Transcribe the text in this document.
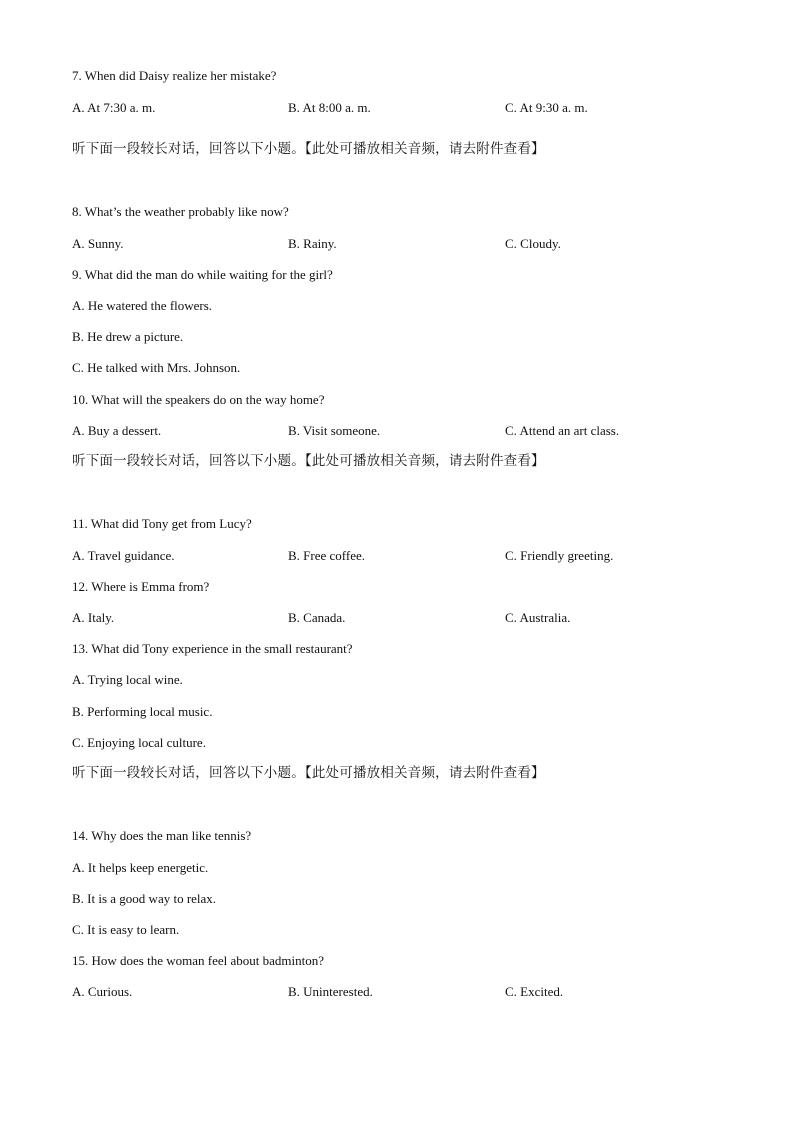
7. When did Daisy realize her mistake?
A. At 7:30 a. m.	B. At 8:00 a. m.	C. At 9:30 a. m.
听下面一段较长对话，回答以下小题。【此处可播放相关音频，请去附件查看】
8. What’s the weather probably like now?
A. Sunny.	B. Rainy.	C. Cloudy.
9. What did the man do while waiting for the girl?
A. He watered the flowers.
B. He drew a picture.
C. He talked with Mrs. Johnson.
10. What will the speakers do on the way home?
A. Buy a dessert.	B. Visit someone.	C. Attend an art class.
听下面一段较长对话，回答以下小题。【此处可播放相关音频，请去附件查看】
11. What did Tony get from Lucy?
A. Travel guidance.	B. Free coffee.	C. Friendly greeting.
12. Where is Emma from?
A. Italy.	B. Canada.	C. Australia.
13. What did Tony experience in the small restaurant?
A. Trying local wine.
B. Performing local music.
C. Enjoying local culture.
听下面一段较长对话，回答以下小题。【此处可播放相关音频，请去附件查看】
14. Why does the man like tennis?
A. It helps keep energetic.
B. It is a good way to relax.
C. It is easy to learn.
15. How does the woman feel about badminton?
A. Curious.	B. Uninterested.	C. Excited.
